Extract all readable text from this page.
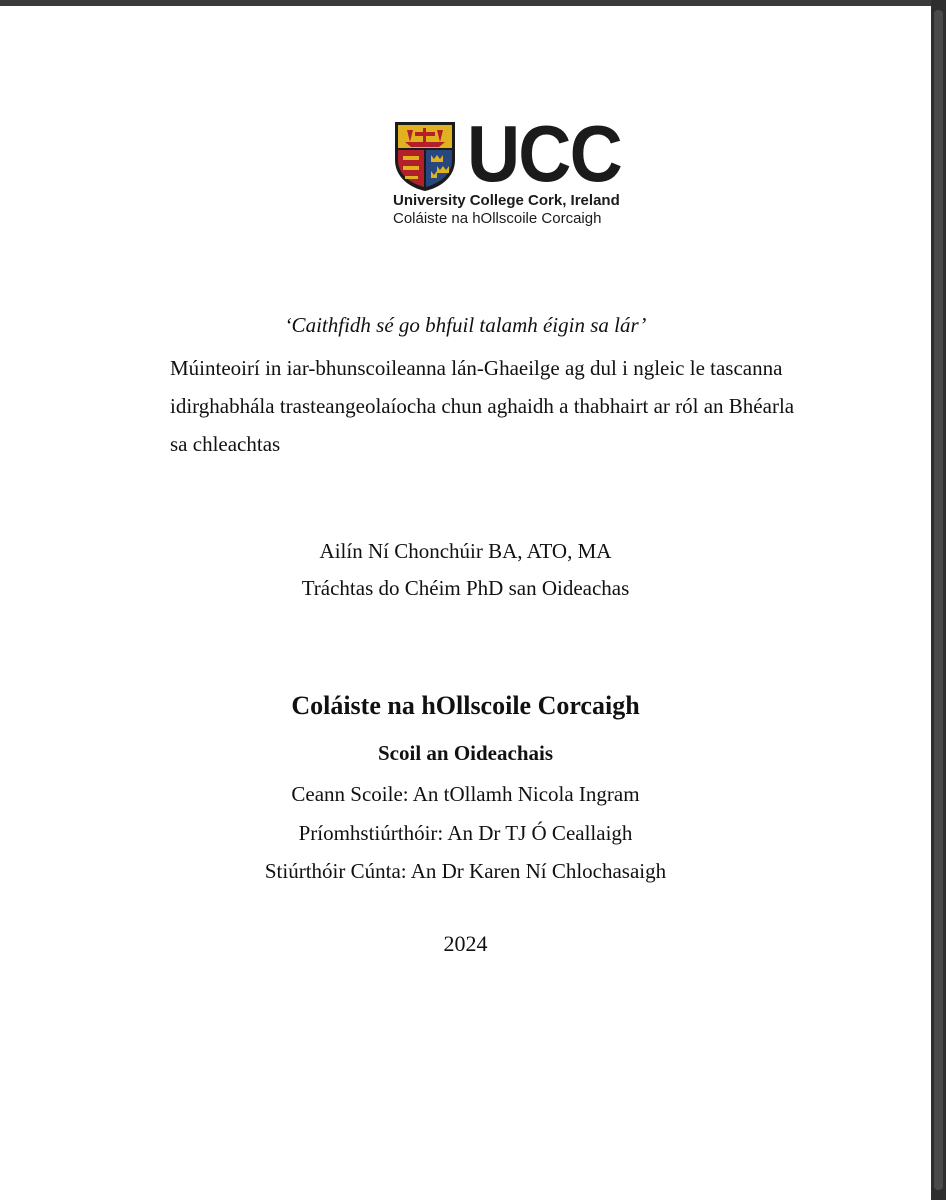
UCC
University College Cork, Ireland
Coláiste na hOllscoile Corcaigh
‘Caithfidh sé go bhfuil talamh éigin sa lár’
Múinteoirí in iar-bhunscoileanna lán-Ghaeilge ag dul i ngleic le tascanna
idirghabhála trasteangeolaíocha chun aghaidh a thabhairt ar ról an Bhéarla
sa chleachtas
Ailín Ní Chonchúir BA, ATO, MA
Tráchtas do Chéim PhD san Oideachas
Coláiste na hOllscoile Corcaigh
Scoil an Oideachais
Ceann Scoile: An tOllamh Nicola Ingram
Príomhstiúrthóir: An Dr TJ Ó Ceallaigh
Stiúrthóir Cúnta: An Dr Karen Ní Chlochasaigh
2024
